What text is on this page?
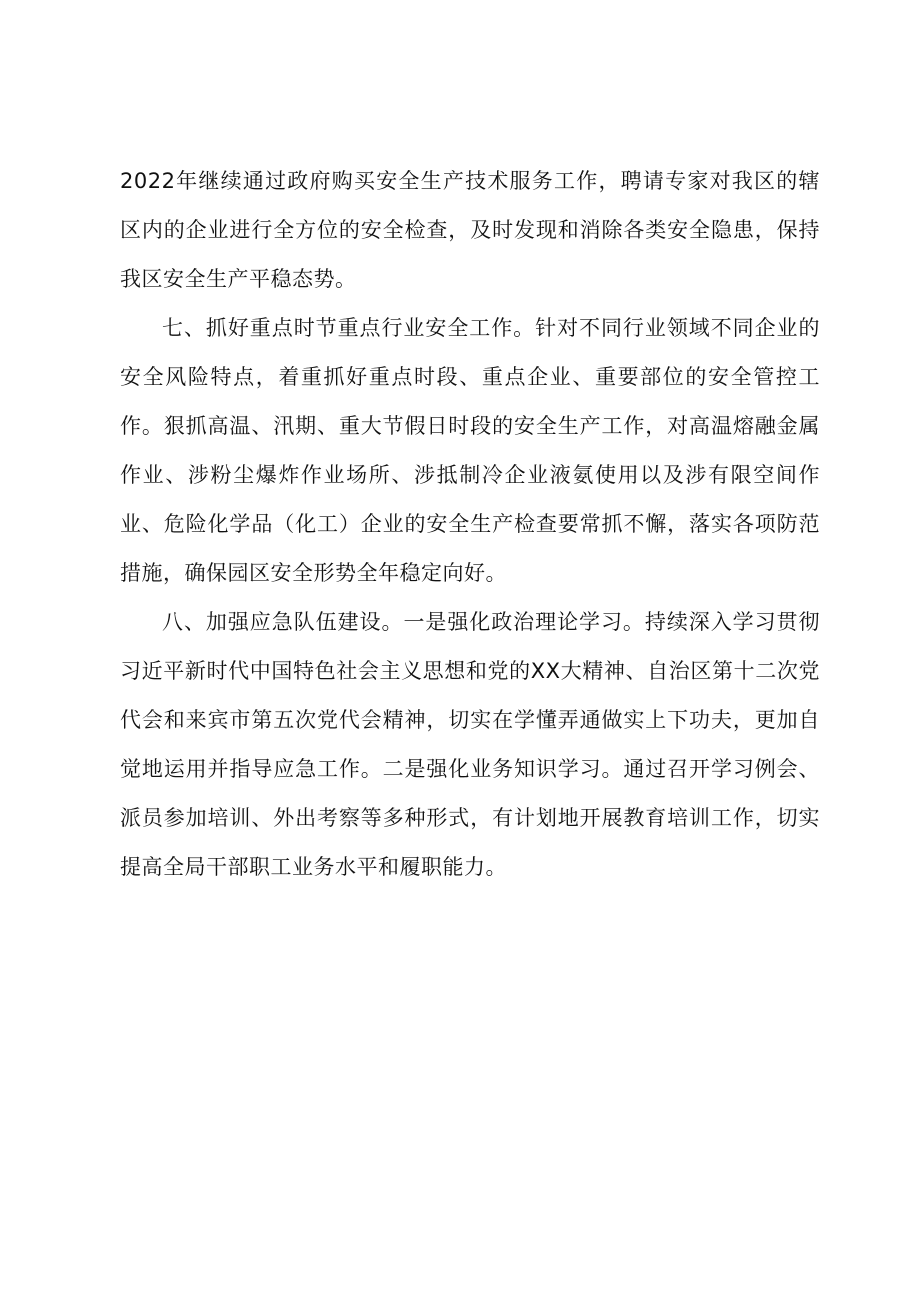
2022年继续通过政府购买安全生产技术服务工作，聘请专家对我区的辖区内的企业进行全方位的安全检查，及时发现和消除各类安全隐患，保持我区安全生产平稳态势。

七、抓好重点时节重点行业安全工作。针对不同行业领域不同企业的安全风险特点，着重抓好重点时段、重点企业、重要部位的安全管控工作。狠抓高温、汛期、重大节假日时段的安全生产工作，对高温熔融金属作业、涉粉尘爆炸作业场所、涉抵制冷企业液氨使用以及涉有限空间作业、危险化学品（化工）企业的安全生产检查要常抓不懈，落实各项防范措施，确保园区安全形势全年稳定向好。

八、加强应急队伍建设。一是强化政治理论学习。持续深入学习贯彻习近平新时代中国特色社会主义思想和党的XX大精神、自治区第十二次党代会和来宾市第五次党代会精神，切实在学懂弄通做实上下功夫，更加自觉地运用并指导应急工作。二是强化业务知识学习。通过召开学习例会、派员参加培训、外出考察等多种形式，有计划地开展教育培训工作，切实提高全局干部职工业务水平和履职能力。
